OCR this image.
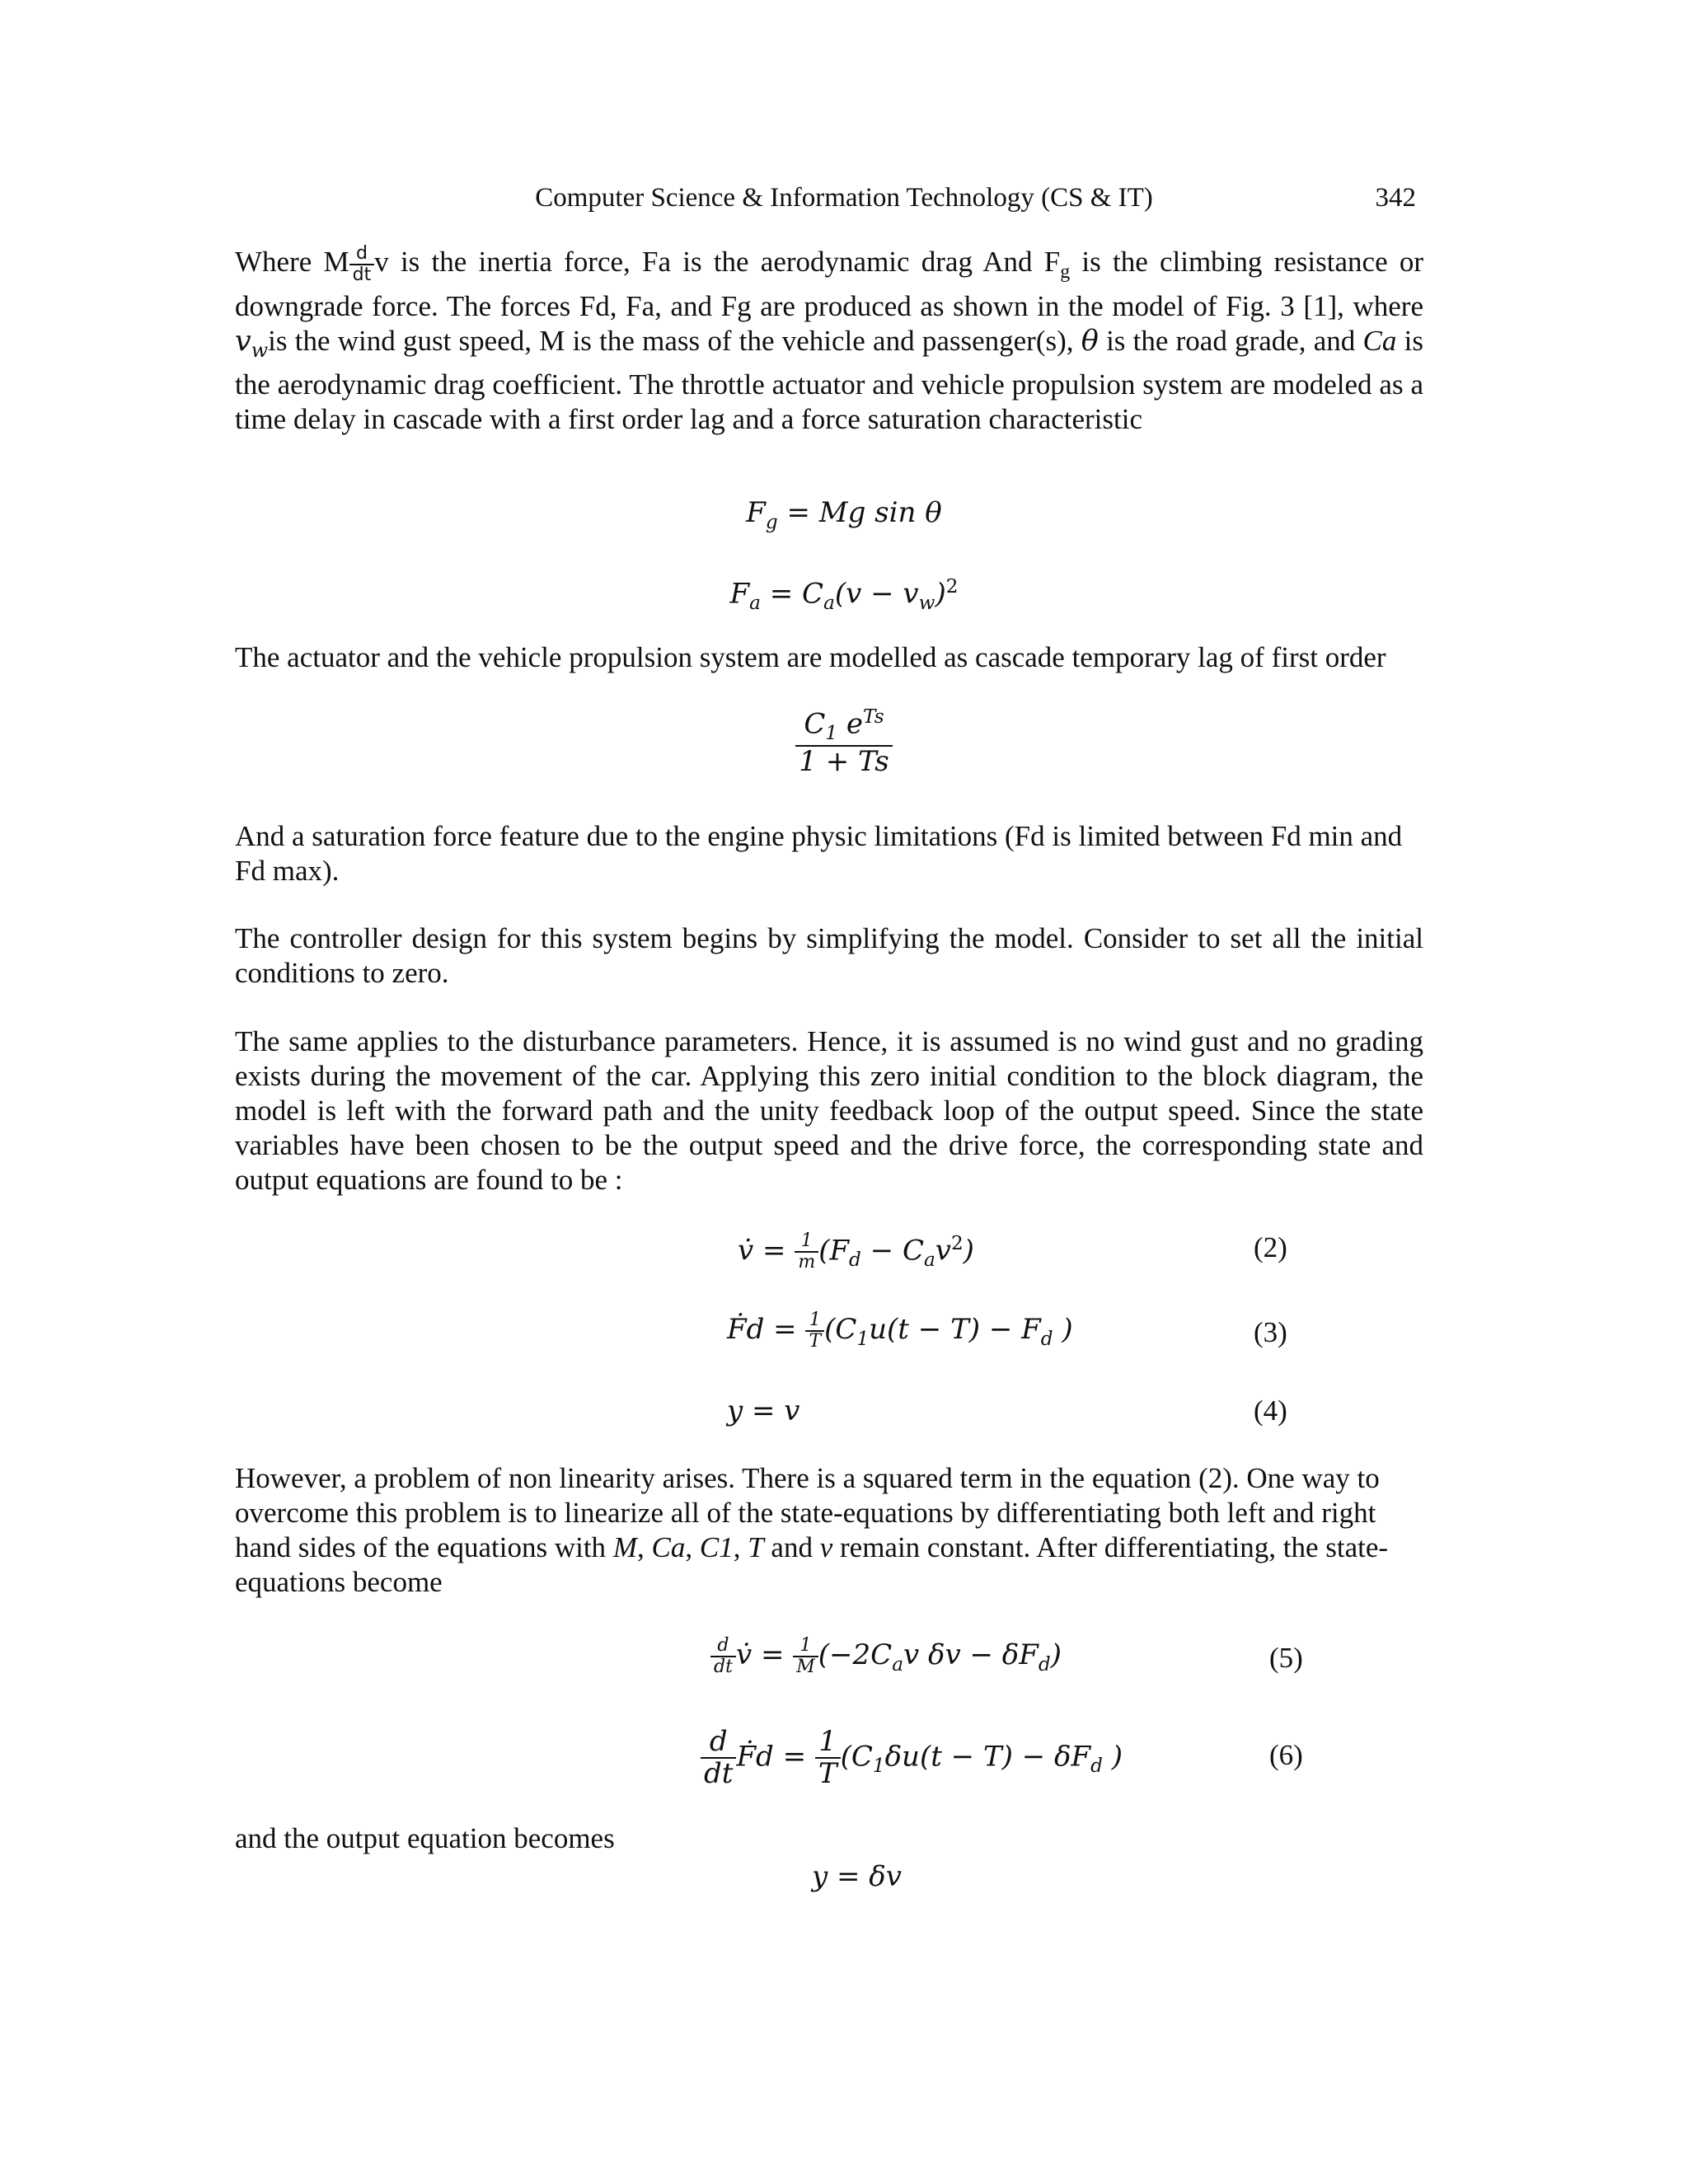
Computer Science & Information Technology (CS & IT)	342
Where M $\frac{d}{dt}$ v is the inertia force, Fa is the aerodynamic drag And $F_g$ is the climbing resistance or downgrade force. The forces Fd, Fa, and Fg are produced as shown in the model of Fig. 3 [1], where $v_wis$ the wind gust speed, M is the mass of the vehicle and passenger(s), θ is the road grade, and Ca is the aerodynamic drag coefficient. The throttle actuator and vehicle propulsion system are modeled as a time delay in cascade with a first order lag and a force saturation characteristic
$F_g = Mg$ sin θ
$F_a = C_a(v - v_w)^2$
The actuator and the vehicle propulsion system are modelled as cascade temporary lag of first order
$\frac{C_1 e^{Ts}}{1 + Ts}$
And a saturation force feature due to the engine physic limitations (Fd is limited between Fd min and Fd max).
The controller design for this system begins by simplifying the model. Consider to set all the initial conditions to zero.
The same applies to the disturbance parameters. Hence, it is assumed is no wind gust and no grading exists during the movement of the car. Applying this zero initial condition to the block diagram, the model is left with the forward path and the unity feedback loop of the output speed. Since the state variables have been chosen to be the output speed and the drive force, the corresponding state and output equations are found to be :
v̇ = $\frac{1}{m} (F_d - C_av^2)$	(2)
Ḟd = $\frac{1}{T} (C_1u(t - T) - F_d$ )	(3)
y = v	(4)
However, a problem of non linearity arises. There is a squared term in the equation (2). One way to overcome this problem is to linearize all of the state-equations by differentiating both left and right hand sides of the equations with M, Ca, C1, T and v remain constant. After differentiating, the state-equations become
$\frac{d}{dt}$ v̇ = $\frac{1}{M} (-2C_av$ $\delta v - \delta F_d$)	(5)
$\frac{d}{dt}$ Ḟd = $\frac{1}{T} (C_1\delta u(t - T) - \delta F_d$ )	(6)
and the output equation becomes
y = δv
